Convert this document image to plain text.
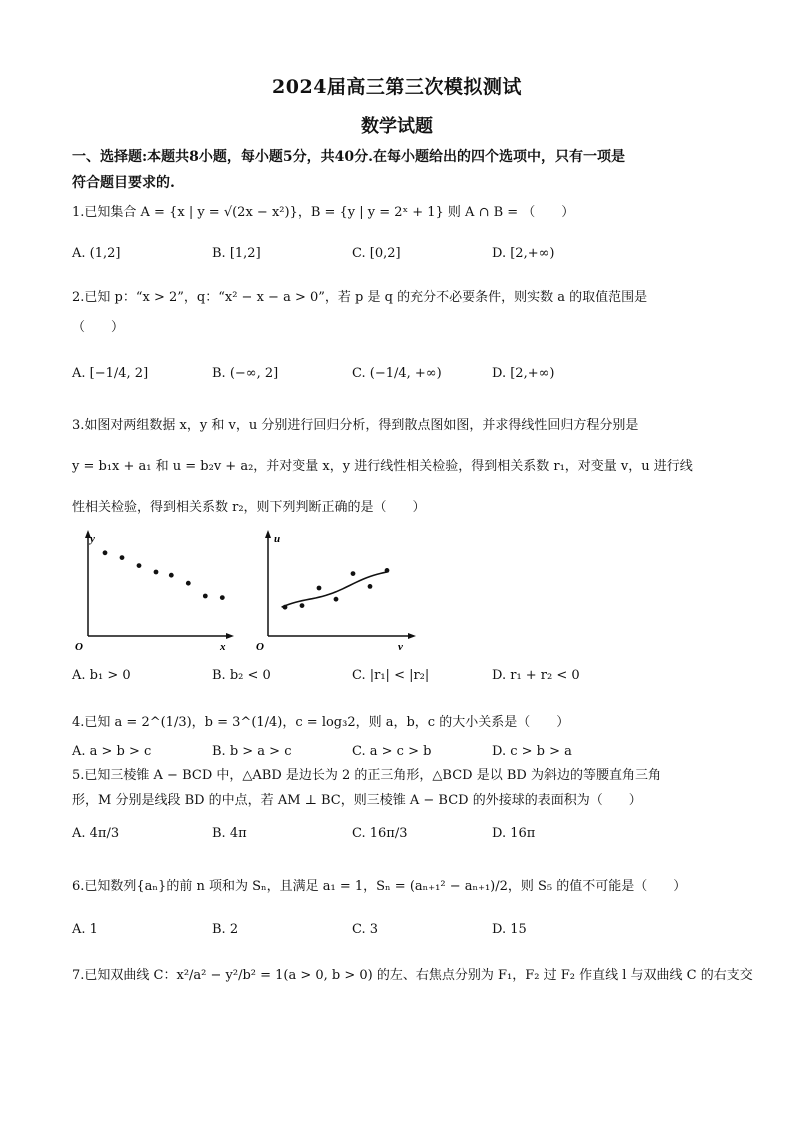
2024届高三第三次模拟测试
数学试题
一、选择题:本题共8小题，每小题5分，共40分.在每小题给出的四个选项中，只有一项是
符合题目要求的.
1.已知集合 A = {x | y = √(2x − x²)}，B = {y | y = 2ˣ + 1} 则 A ∩ B = （　　）
A. (1,2]	B. [1,2]	C. [0,2]	D. [2,+∞)
2.已知 p：“x > 2”，q：“x² − x − a > 0”，若 p 是 q 的充分不必要条件，则实数 a 的取值范围是
（　　）
A. [−1/4, 2]	B. (−∞, 2]	C. (−1/4, +∞)	D. [2,+∞)
3.如图对两组数据 x，y 和 v，u 分别进行回归分析，得到散点图如图，并求得线性回归方程分别是
y = b₁x + a₁ 和 u = b₂v + a₂，并对变量 x，y 进行线性相关检验，得到相关系数 r₁，对变量 v，u 进行线
性相关检验，得到相关系数 r₂，则下列判断正确的是（　　）
y
x
O
u
v
O
A. b₁ > 0	B. b₂ < 0	C. |r₁| < |r₂|	D. r₁ + r₂ < 0
4.已知 a = 2^(1/3)，b = 3^(1/4)，c = log₃2，则 a，b，c 的大小关系是（　　）
A. a > b > c	B. b > a > c	C. a > c > b	D. c > b > a
5.已知三棱锥 A − BCD 中，△ABD 是边长为 2 的正三角形，△BCD 是以 BD 为斜边的等腰直角三角
形，M 分别是线段 BD 的中点，若 AM ⊥ BC，则三棱锥 A − BCD 的外接球的表面积为（　　）
A. 4π/3	B. 4π	C. 16π/3	D. 16π
6.已知数列{aₙ}的前 n 项和为 Sₙ，且满足 a₁ = 1，Sₙ = (aₙ₊₁² − aₙ₊₁)/2，则 S₅ 的值不可能是（　　）
A. 1	B. 2	C. 3	D. 15
7.已知双曲线 C：x²/a² − y²/b² = 1(a > 0, b > 0) 的左、右焦点分别为 F₁，F₂ 过 F₂ 作直线 l 与双曲线 C 的右支交
